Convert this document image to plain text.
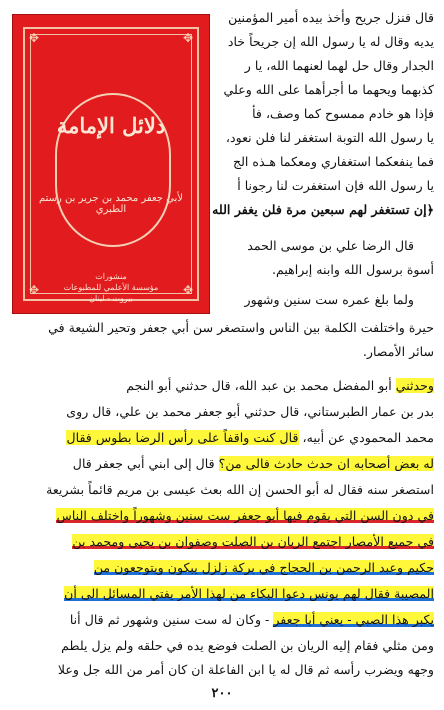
✥	✥
✥	✥
دلائل الإمامة
لأبي جعفر محمد بن جرير بن رستم الطبري
منشورات
مؤسسة الأعلمي للمطبوعات
بيروت - لبنان
قال فنزل جريح وأخذ بيده أمير المؤمنين
يديه وقال له يا رسول الله إن جريحاً خاد
الجدار وقال حل لهما لعنهما الله، يا ر
كذبهما ويحهما ما أجرأهما على الله وعلي
فإذا هو خادم ممسوح كما وصف، فأ
يا رسول الله التوبة استغفر لنا فلن نعود،
فما ينفعكما استغفاري ومعكما هـذه الج
يا رسول الله فإن استغفرت لنا رجونا أ
﴿إن تستغفر لهم سبعين مرة فلن يغفر الله
قال الرضا علي بن موسى الحمد
أسوة برسول الله وابنه إبراهيم.
ولما بلغ عمره ست سنين وشهور
حيرة واختلفت الكلمة بين الناس واستصغر سن أبي جعفر وتحير الشيعة في
سائر الأمصار.
وحدثني أبو المفضل محمد بن عبد الله، قال حدثني أبو النجم
بدر بن عمار الطبرستاني، قال حدثني أبو جعفر محمد بن علي، قال روى
محمد المحمودي عن أبيه، قال كنت واقفاً على رأس الرضا بطوس فقال
له بعض أصحابه ان حدث حادث فالى من؟ قال إلى ابني أبي جعفر قال
استصغر سنه فقال له أبو الحسن إن الله بعث عيسى بن مريم قائماً بشريعة
في دون السن التي يقوم فيها أبو جعفر ست سنين وشهوراً واختلف الناس
في جميع الأمصار اجتمع الريان بن الصلت وصفوان بن يحيى ومحمد بن
حكيم وعبد الرحمن بن الحجاج في بركة زلزل يبكون ويتوجعون من
المصيبة فقال لهم يونس دعوا البكاء من لهذا الأمر يفتي المسائل الى أن
يكبر هذا الصبي - يعني أبا جعفر - وكان له ست سنين وشهور ثم قال أنا
ومن مثلي فقام إليه الريان بن الصلت فوضع يده في حلقه ولم يزل يلطم
وجهه ويضرب رأسه ثم قال له يا ابن الفاعلة ان كان أمر من الله جل وعلا
٢٠٠
